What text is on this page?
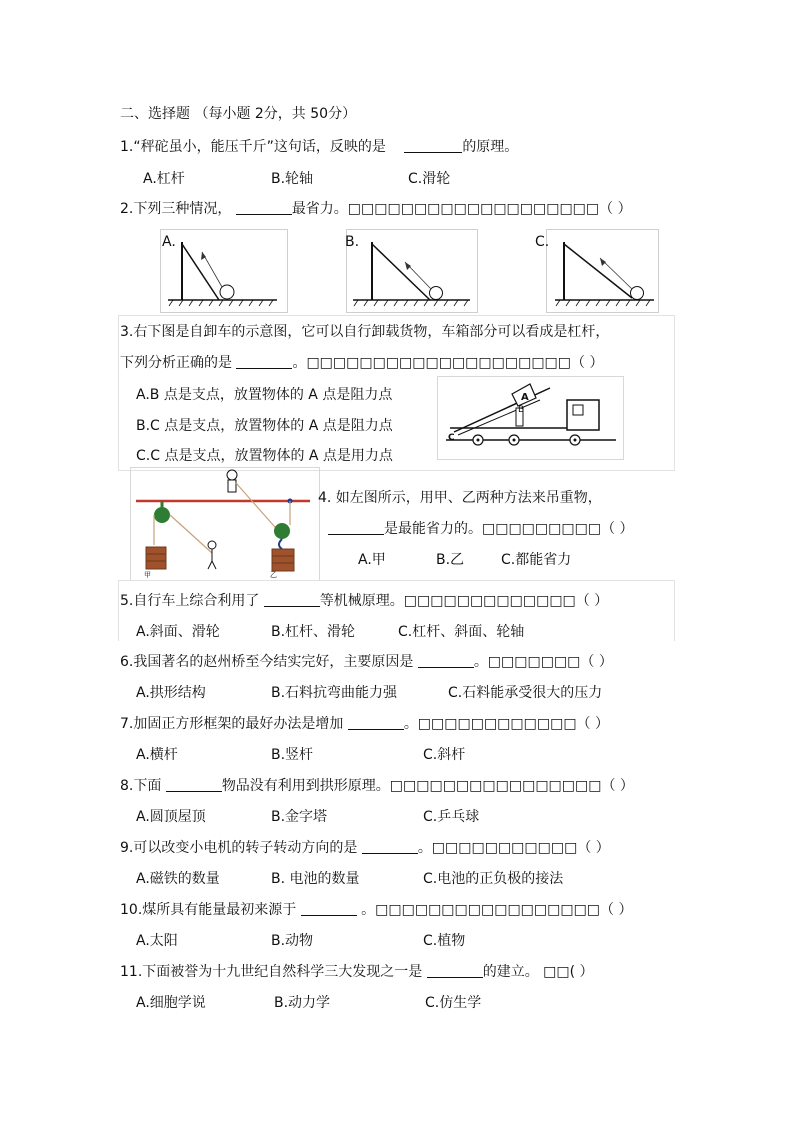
二、选择题 （每小题 2分，共 50分）
1.“秤砣虽小，能压千斤”这句话，反映的是	的原理。
A.杠杆	B.轮轴	C.滑轮
2.下列三种情况，	最省力。□□□□□□□□□□□□□□□□□□□（ ）
A.	B.	C.
3.右下图是自卸车的示意图，它可以自行卸载货物，车箱部分可以看成是杠杆，
下列分析正确的是	。□□□□□□□□□□□□□□□□□□□□（ ）
A.B 点是支点，放置物体的 A 点是阻力点
B.C 点是支点，放置物体的 A 点是阻力点
C.C 点是支点，放置物体的 A 点是用力点
A
B
C
甲	乙
4. 如左图所示，用甲、乙两种方法来吊重物，
是最能省力的。□□□□□□□□□（ ）
A.甲	B.乙	C.都能省力
5.自行车上综合利用了	等机械原理。□□□□□□□□□□□□□（ ）
A.斜面、滑轮	B.杠杆、滑轮	C.杠杆、斜面、轮轴
6.我国著名的赵州桥至今结实完好，主要原因是	。□□□□□□□（ ）
A.拱形结构	B.石料抗弯曲能力强	C.石料能承受很大的压力
7.加固正方形框架的最好办法是增加	。□□□□□□□□□□□□（ ）
A.横杆	B.竖杆	C.斜杆
8.下面	物品没有利用到拱形原理。□□□□□□□□□□□□□□□□（ ）
A.圆顶屋顶	B.金字塔	C.乒乓球
9.可以改变小电机的转子转动方向的是	。□□□□□□□□□□□（ ）
A.磁铁的数量	B. 电池的数量	C.电池的正负极的接法
10.煤所具有能量最初来源于	。□□□□□□□□□□□□□□□□□（ ）
A.太阳	B.动物	C.植物
11.下面被誉为十九世纪自然科学三大发现之一是	的建立。 □□( ）
A.细胞学说	B.动力学	C.仿生学
